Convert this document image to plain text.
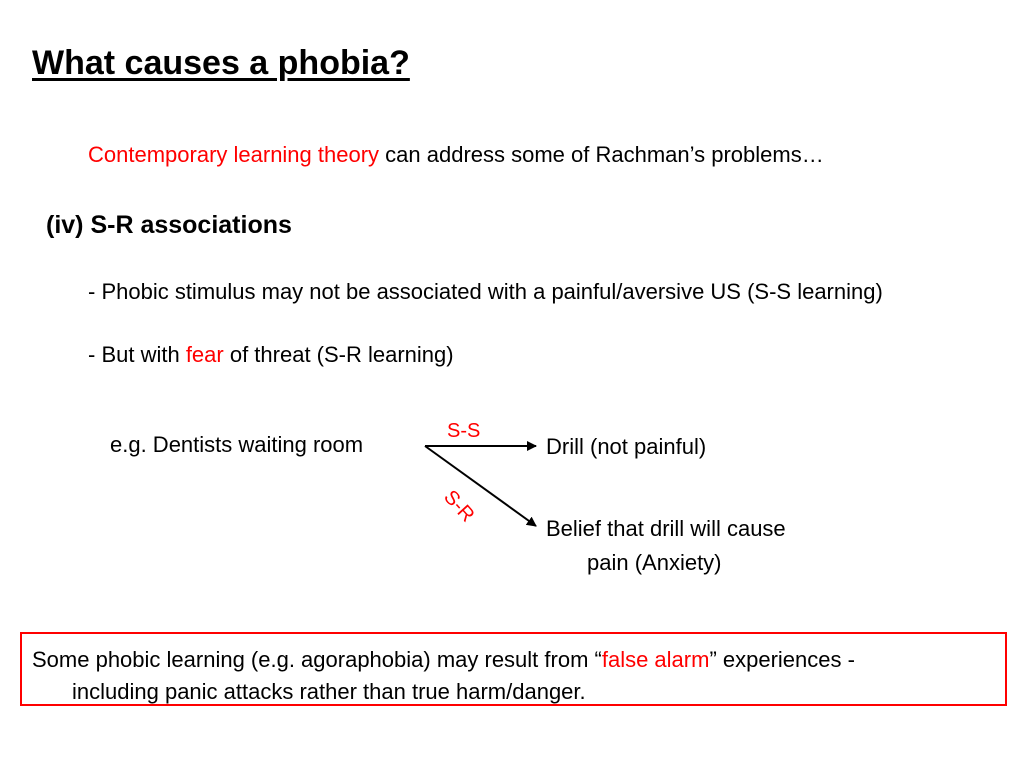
What causes a phobia?
Contemporary learning theory can address some of Rachman’s problems…
(iv) S-R associations
- Phobic stimulus may not be associated with a painful/aversive US (S-S learning)
- But with fear of threat (S-R learning)
e.g. Dentists waiting room
S-S
S-R
Drill (not painful)
Belief that drill will cause
pain (Anxiety)
Some phobic learning (e.g. agoraphobia) may result from “false alarm” experiences -
including panic attacks rather than true harm/danger.
